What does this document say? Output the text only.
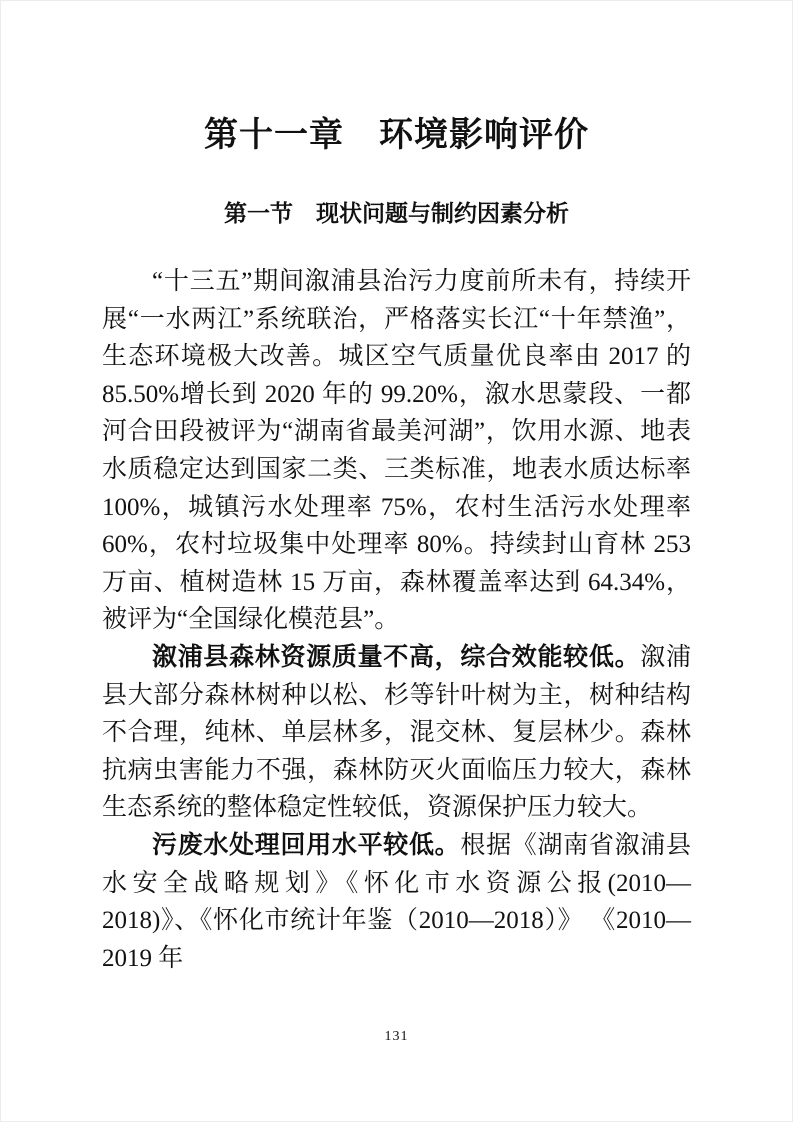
第十一章　环境影响评价
第一节　现状问题与制约因素分析

“十三五”期间溆浦县治污力度前所未有，持续开展“一水两江”系统联治，严格落实长江“十年禁渔”，生态环境极大改善。城区空气质量优良率由 2017 的 85.50%增长到 2020 年的 99.20%，溆水思蒙段、一都河合田段被评为“湖南省最美河湖”，饮用水源、地表水质稳定达到国家二类、三类标准，地表水质达标率 100%，城镇污水处理率 75%，农村生活污水处理率 60%，农村垃圾集中处理率 80%。持续封山育林 253 万亩、植树造林 15 万亩，森林覆盖率达到 64.34%，被评为“全国绿化模范县”。

溆浦县森林资源质量不高，综合效能较低。溆浦县大部分森林树种以松、杉等针叶树为主，树种结构不合理，纯林、单层林多，混交林、复层林少。森林抗病虫害能力不强，森林防灭火面临压力较大，森林生态系统的整体稳定性较低，资源保护压力较大。

污废水处理回用水平较低。根据《湖南省溆浦县水安全战略规划》《怀化市水资源公报(2010—2018)》、《怀化市统计年鉴（2010—2018）》 《2010—2019 年

131
